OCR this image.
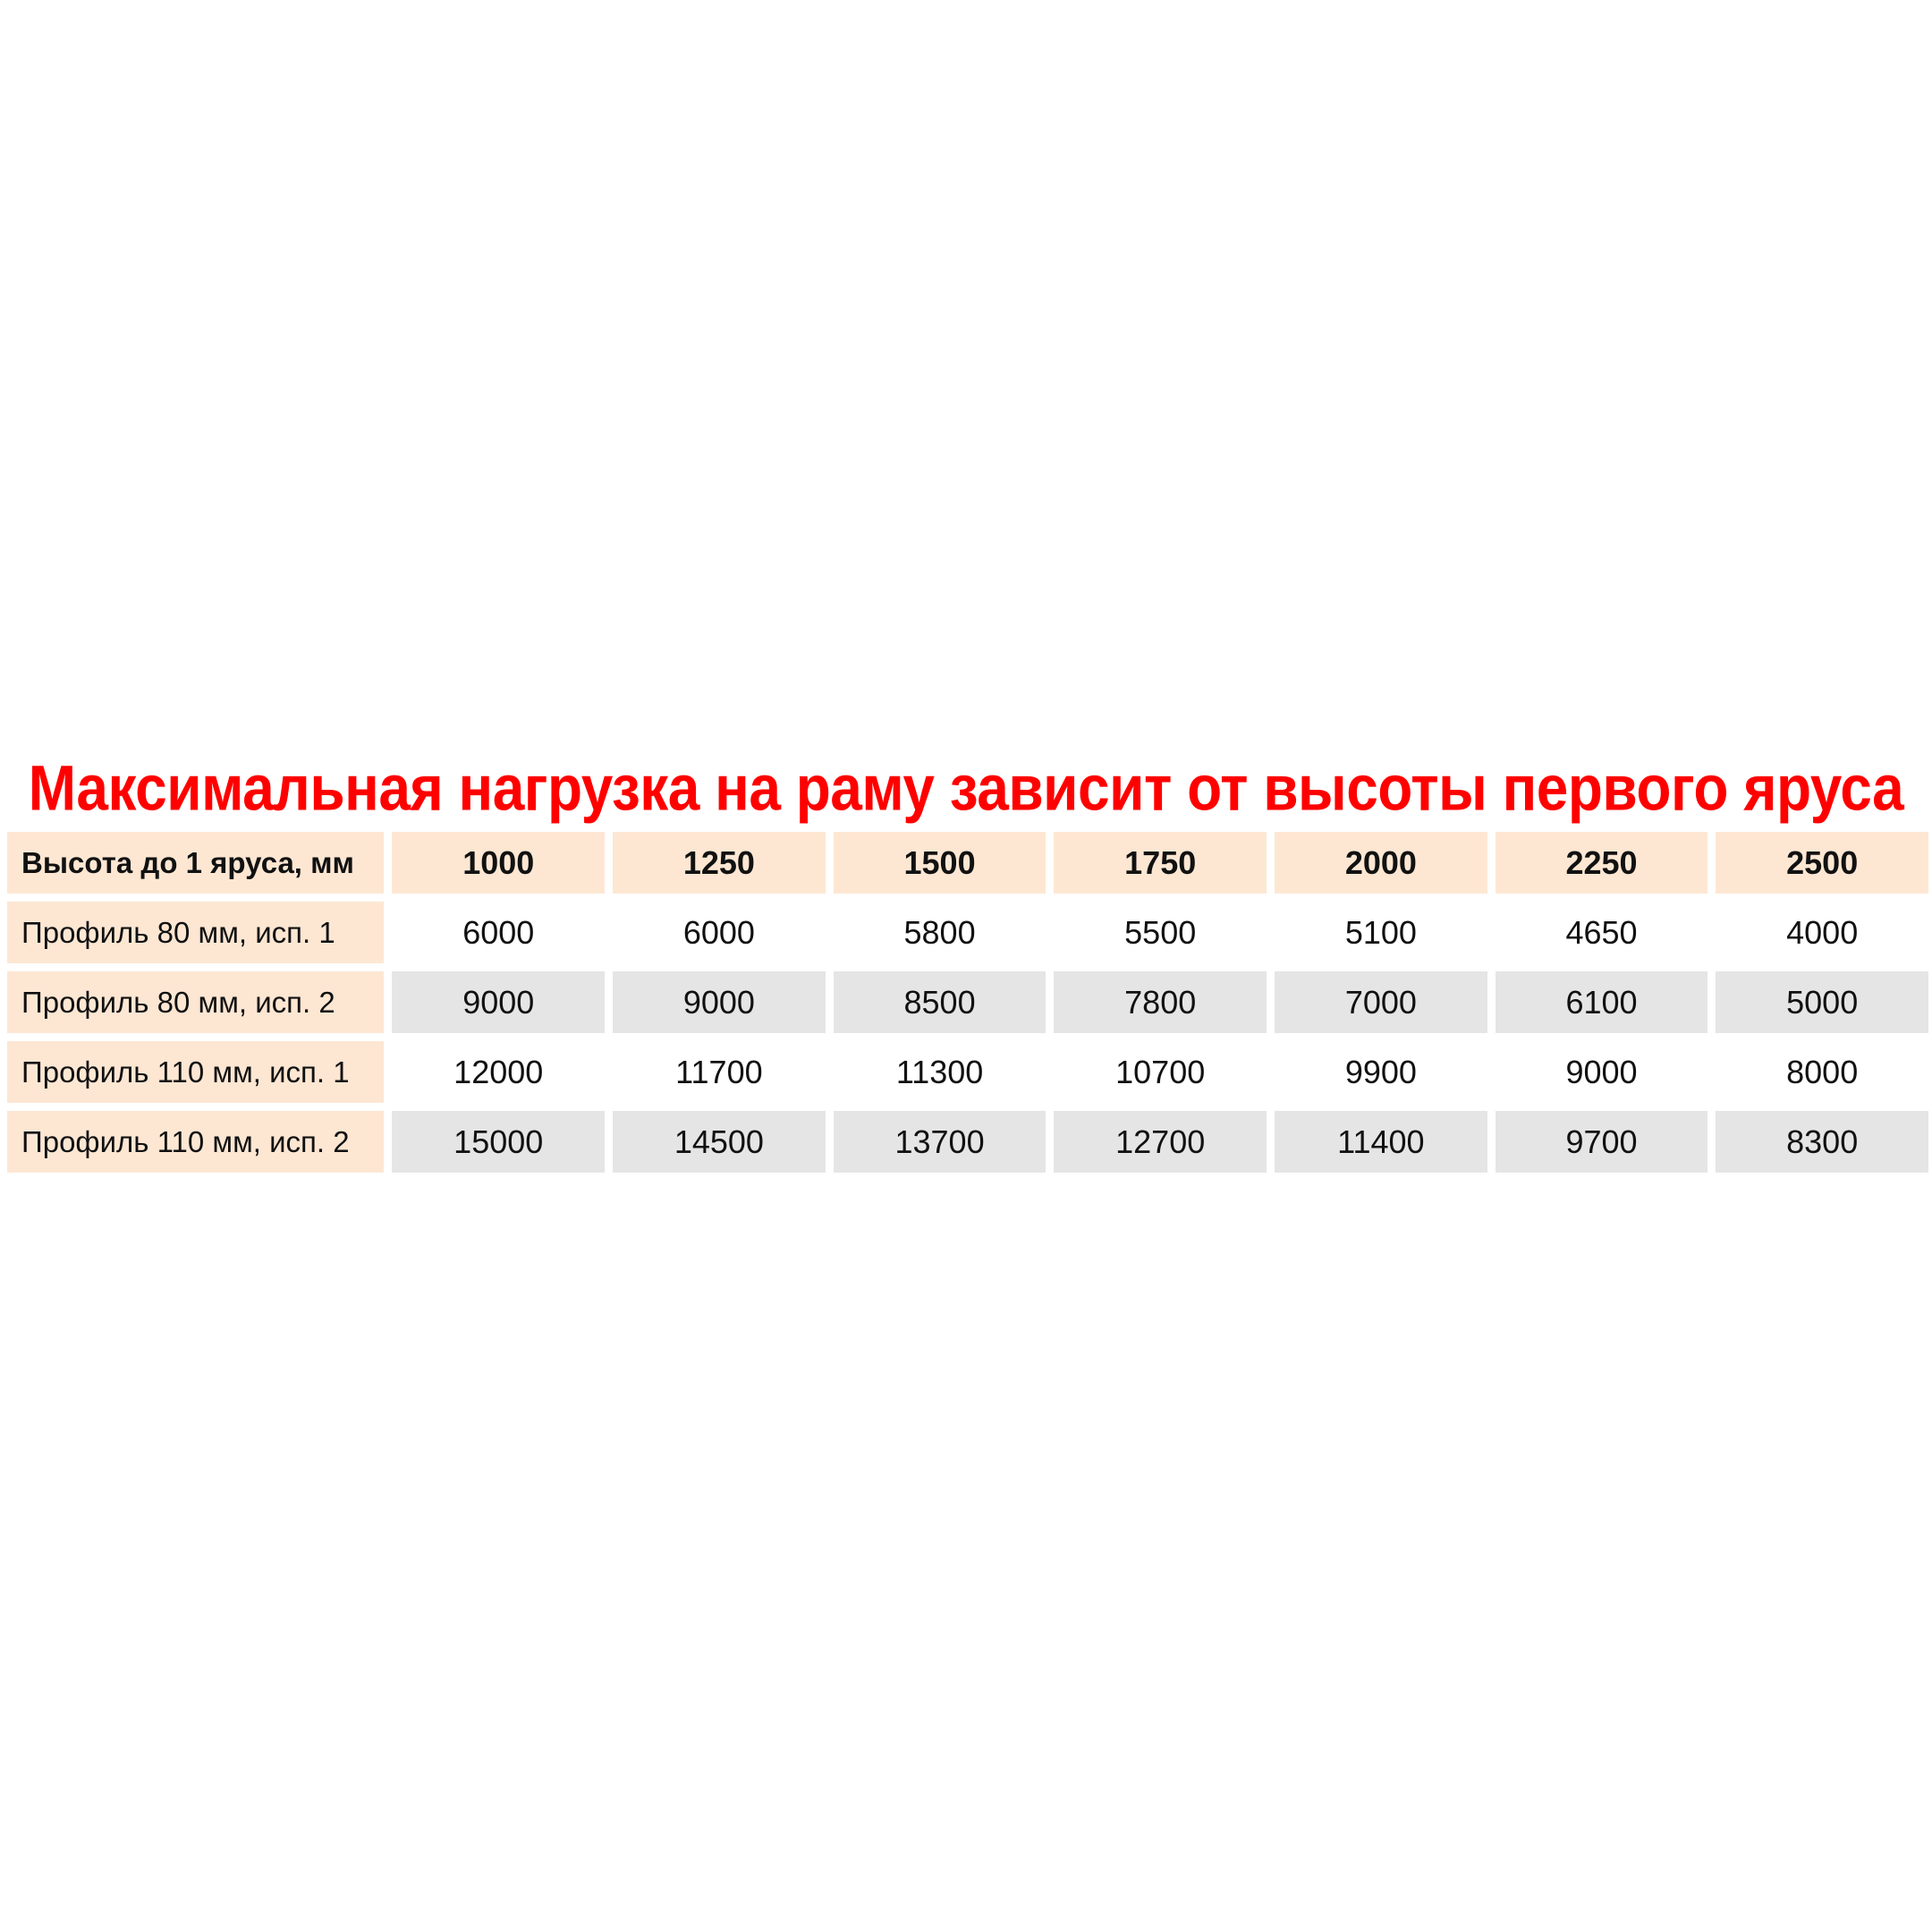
Максимальная нагрузка на раму зависит от высоты первого яруса
Высота до 1 яруса, мм	1000	1250	1500	1750	2000	2250	2500
Профиль 80 мм, исп. 1	6000	6000	5800	5500	5100	4650	4000
Профиль 80 мм, исп. 2	9000	9000	8500	7800	7000	6100	5000
Профиль 110 мм, исп. 1	12000	11700	11300	10700	9900	9000	8000
Профиль 110 мм, исп. 2	15000	14500	13700	12700	11400	9700	8300
